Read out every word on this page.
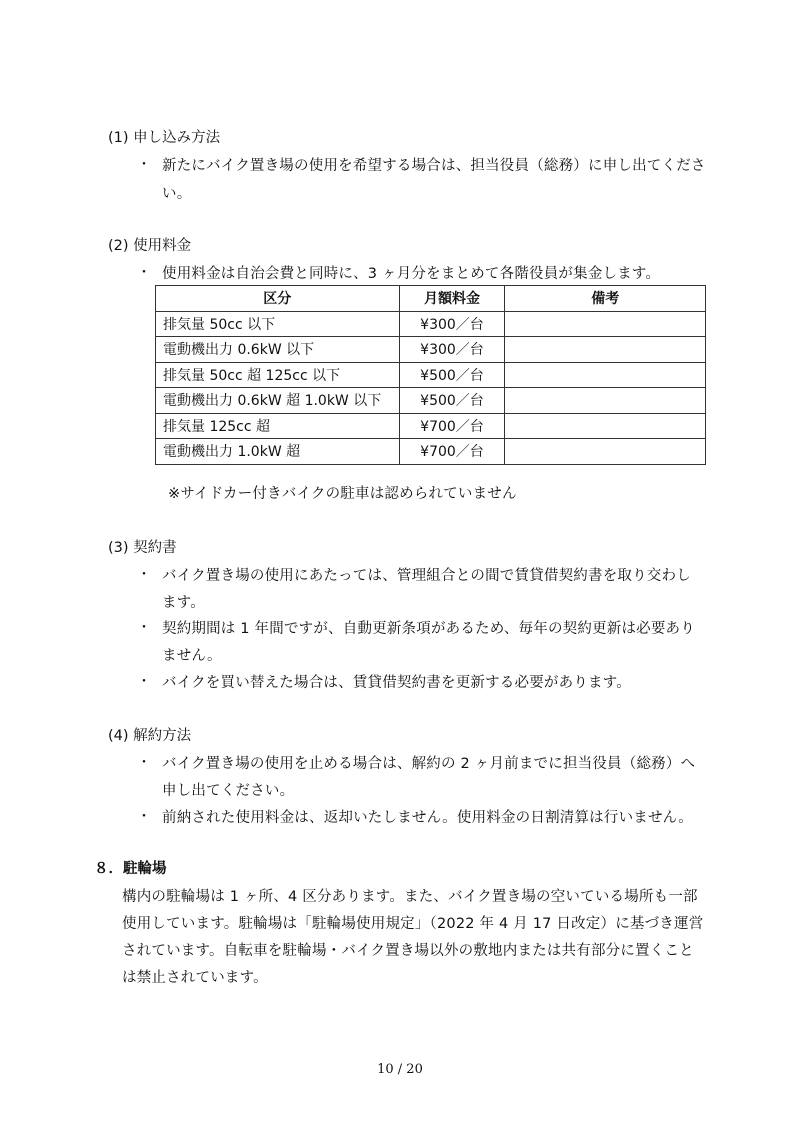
(1) 申し込み方法
・ 新たにバイク置き場の使用を希望する場合は、担当役員（総務）に申し出てくださ
い。
(2) 使用料金
・ 使用料金は自治会費と同時に、3 ヶ月分をまとめて各階役員が集金します。
区分	月額料金	備考
排気量 50cc 以下	¥300／台	
電動機出力 0.6kW 以下	¥300／台	
排気量 50cc 超 125cc 以下	¥500／台	
電動機出力 0.6kW 超 1.0kW 以下	¥500／台	
排気量 125cc 超	¥700／台	
電動機出力 1.0kW 超	¥700／台	
※サイドカー付きバイクの駐車は認められていません
(3) 契約書
・ バイク置き場の使用にあたっては、管理組合との間で賃貸借契約書を取り交わし
ます。
・ 契約期間は 1 年間ですが、自動更新条項があるため、毎年の契約更新は必要あり
ません。
・ バイクを買い替えた場合は、賃貸借契約書を更新する必要があります。
(4) 解約方法
・ バイク置き場の使用を止める場合は、解約の 2 ヶ月前までに担当役員（総務）へ
申し出てください。
・ 前納された使用料金は、返却いたしません。使用料金の日割清算は行いません。
８．駐輪場
構内の駐輪場は 1 ヶ所、4 区分あります。また、バイク置き場の空いている場所も一部
使用しています。駐輪場は「駐輪場使用規定」（2022 年 4 月 17 日改定）に基づき運営
されています。自転車を駐輪場・バイク置き場以外の敷地内または共有部分に置くこと
は禁止されています。
10 / 20
